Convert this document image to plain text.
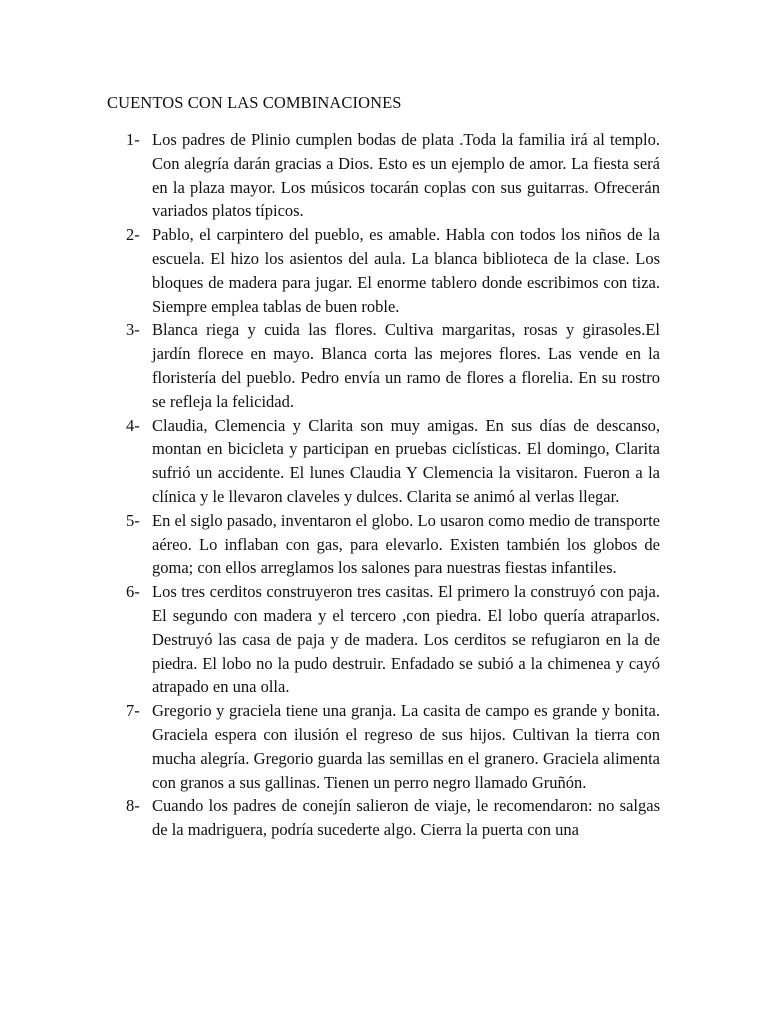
CUENTOS CON LAS COMBINACIONES
1- Los padres de Plinio cumplen bodas de plata .Toda la familia irá al templo. Con alegría darán gracias a Dios. Esto es un ejemplo de amor. La fiesta será en la plaza mayor. Los músicos tocarán coplas con sus guitarras. Ofrecerán variados platos típicos.
2- Pablo, el carpintero del pueblo, es amable. Habla con todos los niños de la escuela. El hizo los asientos del aula. La blanca biblioteca de la clase. Los bloques de madera para jugar. El enorme tablero donde escribimos con tiza. Siempre emplea tablas de buen roble.
3- Blanca riega y cuida las flores. Cultiva margaritas, rosas y girasoles.El jardín florece en mayo. Blanca corta las mejores flores. Las vende en la floristería del pueblo. Pedro envía un ramo de flores a florelia. En su rostro se refleja la felicidad.
4- Claudia, Clemencia y Clarita son muy amigas. En sus días de descanso, montan en bicicleta y participan en pruebas ciclísticas. El domingo, Clarita sufrió un accidente. El lunes Claudia Y Clemencia la visitaron. Fueron a la clínica y le llevaron claveles y dulces. Clarita se animó al verlas llegar.
5- En el siglo pasado, inventaron el globo. Lo usaron como medio de transporte aéreo. Lo inflaban con gas, para elevarlo. Existen también los globos de goma; con ellos arreglamos los salones para nuestras fiestas infantiles.
6- Los tres cerditos construyeron tres casitas. El primero la construyó con paja. El segundo con madera y el tercero ,con piedra. El lobo quería atraparlos. Destruyó las casa de paja y de madera. Los cerditos se refugiaron en la de piedra. El lobo no la pudo destruir. Enfadado se subió a la chimenea y cayó atrapado en una olla.
7- Gregorio y graciela tiene una granja. La casita de campo es grande y bonita. Graciela espera con ilusión el regreso de sus hijos. Cultivan la tierra con mucha alegría. Gregorio guarda las semillas en el granero. Graciela alimenta con granos a sus gallinas. Tienen un perro negro llamado Gruñón.
8- Cuando los padres de conejín salieron de viaje, le recomendaron: no salgas de la madriguera, podría sucederte algo. Cierra la puerta con una
